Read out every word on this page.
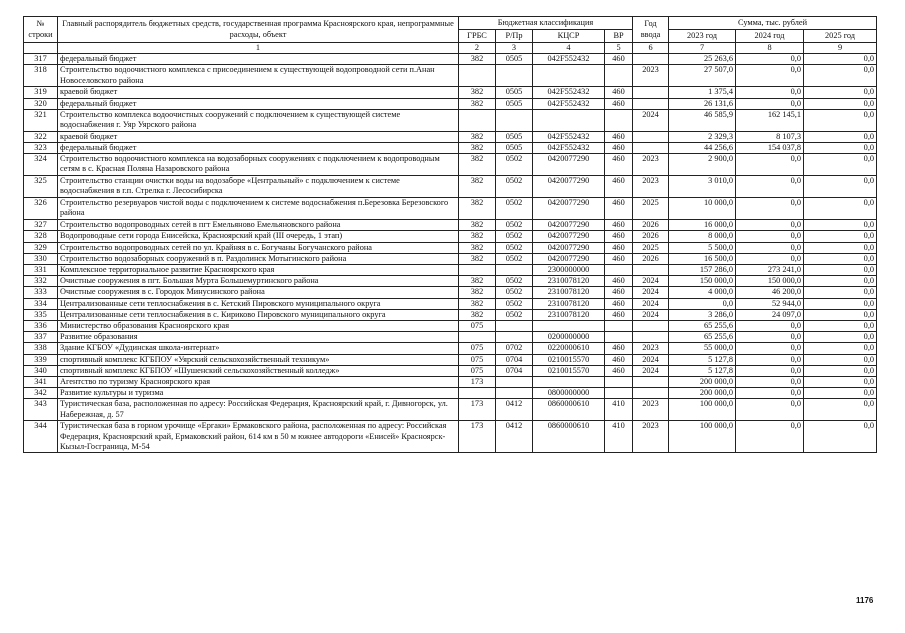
№ строки	Главный распорядитель бюджетных средств, государственная программа Красноярского края, непрограммные расходы, объект	Бюджетная классификация				Год ввода	Сумма, тыс. рублей		
		ГРБС	Р/Пр	КЦСР	ВР		2023 год	2024 год	2025 год
	1	2	3	4	5	6	7	8	9
317	федеральный бюджет	382	0505	042F552432	460		25 263,6	0,0	0,0
318	Строительство водоочистного комплекса с присоединением к существующей водопроводной сети п.Анан Новоселовского района					2023	27 507,0	0,0	0,0
319	краевой бюджет	382	0505	042F552432	460		1 375,4	0,0	0,0
320	федеральный бюджет	382	0505	042F552432	460		26 131,6	0,0	0,0
321	Строительство комплекса водоочистных сооружений с подключением к существующей системе водоснабжения г. Уяр Уярского района					2024	46 585,9	162 145,1	0,0
322	краевой бюджет	382	0505	042F552432	460		2 329,3	8 107,3	0,0
323	федеральный бюджет	382	0505	042F552432	460		44 256,6	154 037,8	0,0
324	Строительство водоочистного комплекса на водозаборных сооружениях с подключением к водопроводным сетям в с. Красная Поляна Назаровского района	382	0502	0420077290	460	2023	2 900,0	0,0	0,0
325	Строительство станции очистки воды на водозаборе «Центральный» с подключением к системе водоснабжения в г.п. Стрелка г. Лесосибирска	382	0502	0420077290	460	2023	3 010,0	0,0	0,0
326	Строительство резервуаров чистой воды с подключением к системе водоснабжения п.Березовка Березовского района	382	0502	0420077290	460	2025	10 000,0	0,0	0,0
327	Строительство водопроводных сетей в пгт Емельяново Емельяновского района	382	0502	0420077290	460	2026	16 000,0	0,0	0,0
328	Водопроводные сети города Енисейска, Красноярский край (III очередь, 1 этап)	382	0502	0420077290	460	2026	8 000,0	0,0	0,0
329	Строительство водопроводных сетей по ул. Крайняя в с. Богучаны Богучанского района	382	0502	0420077290	460	2025	5 500,0	0,0	0,0
330	Строительство водозаборных сооружений в п. Раздолинск Мотыгинского района	382	0502	0420077290	460	2026	16 500,0	0,0	0,0
331	Комплексное территориальное развитие Красноярского края			2300000000			157 286,0	273 241,0	0,0
332	Очистные сооружения в пгт. Большая Мурта Большемуртинского района	382	0502	2310078120	460	2024	150 000,0	150 000,0	0,0
333	Очистные сооружения в с. Городок Минусинского района	382	0502	2310078120	460	2024	4 000,0	46 200,0	0,0
334	Централизованные сети теплоснабжения в с. Кетский Пировского муниципального округа	382	0502	2310078120	460	2024	0,0	52 944,0	0,0
335	Централизованные сети теплоснабжения в с. Кириково Пировского муниципального округа	382	0502	2310078120	460	2024	3 286,0	24 097,0	0,0
336	Министерство образования Красноярского края	075					65 255,6	0,0	0,0
337	Развитие образования			0200000000			65 255,6	0,0	0,0
338	Здание КГБОУ «Дудинская школа-интернат»	075	0702	0220000610	460	2023	55 000,0	0,0	0,0
339	спортивный комплекс КГБПОУ «Уярский сельскохозяйственный техникум»	075	0704	0210015570	460	2024	5 127,8	0,0	0,0
340	спортивный комплекс КГБПОУ «Шушенский сельскохозяйственный колледж»	075	0704	0210015570	460	2024	5 127,8	0,0	0,0
341	Агентство по туризму Красноярского края	173					200 000,0	0,0	0,0
342	Развитие культуры и туризма			0800000000			200 000,0	0,0	0,0
343	Туристическая база, расположенная по адресу: Российская Федерация, Красноярский край, г. Дивногорск, ул. Набережная, д. 57	173	0412	0860000610	410	2023	100 000,0	0,0	0,0
344	Туристическая база в горном урочище «Ергаки» Ермаковского района, расположенная по адресу: Российская Федерация, Красноярский край, Ермаковский район, 614 км в 50 м южнее автодороги «Енисей» Красноярск-Кызыл-Госграница, М-54	173	0412	0860000610	410	2023	100 000,0	0,0	0,0
1176
